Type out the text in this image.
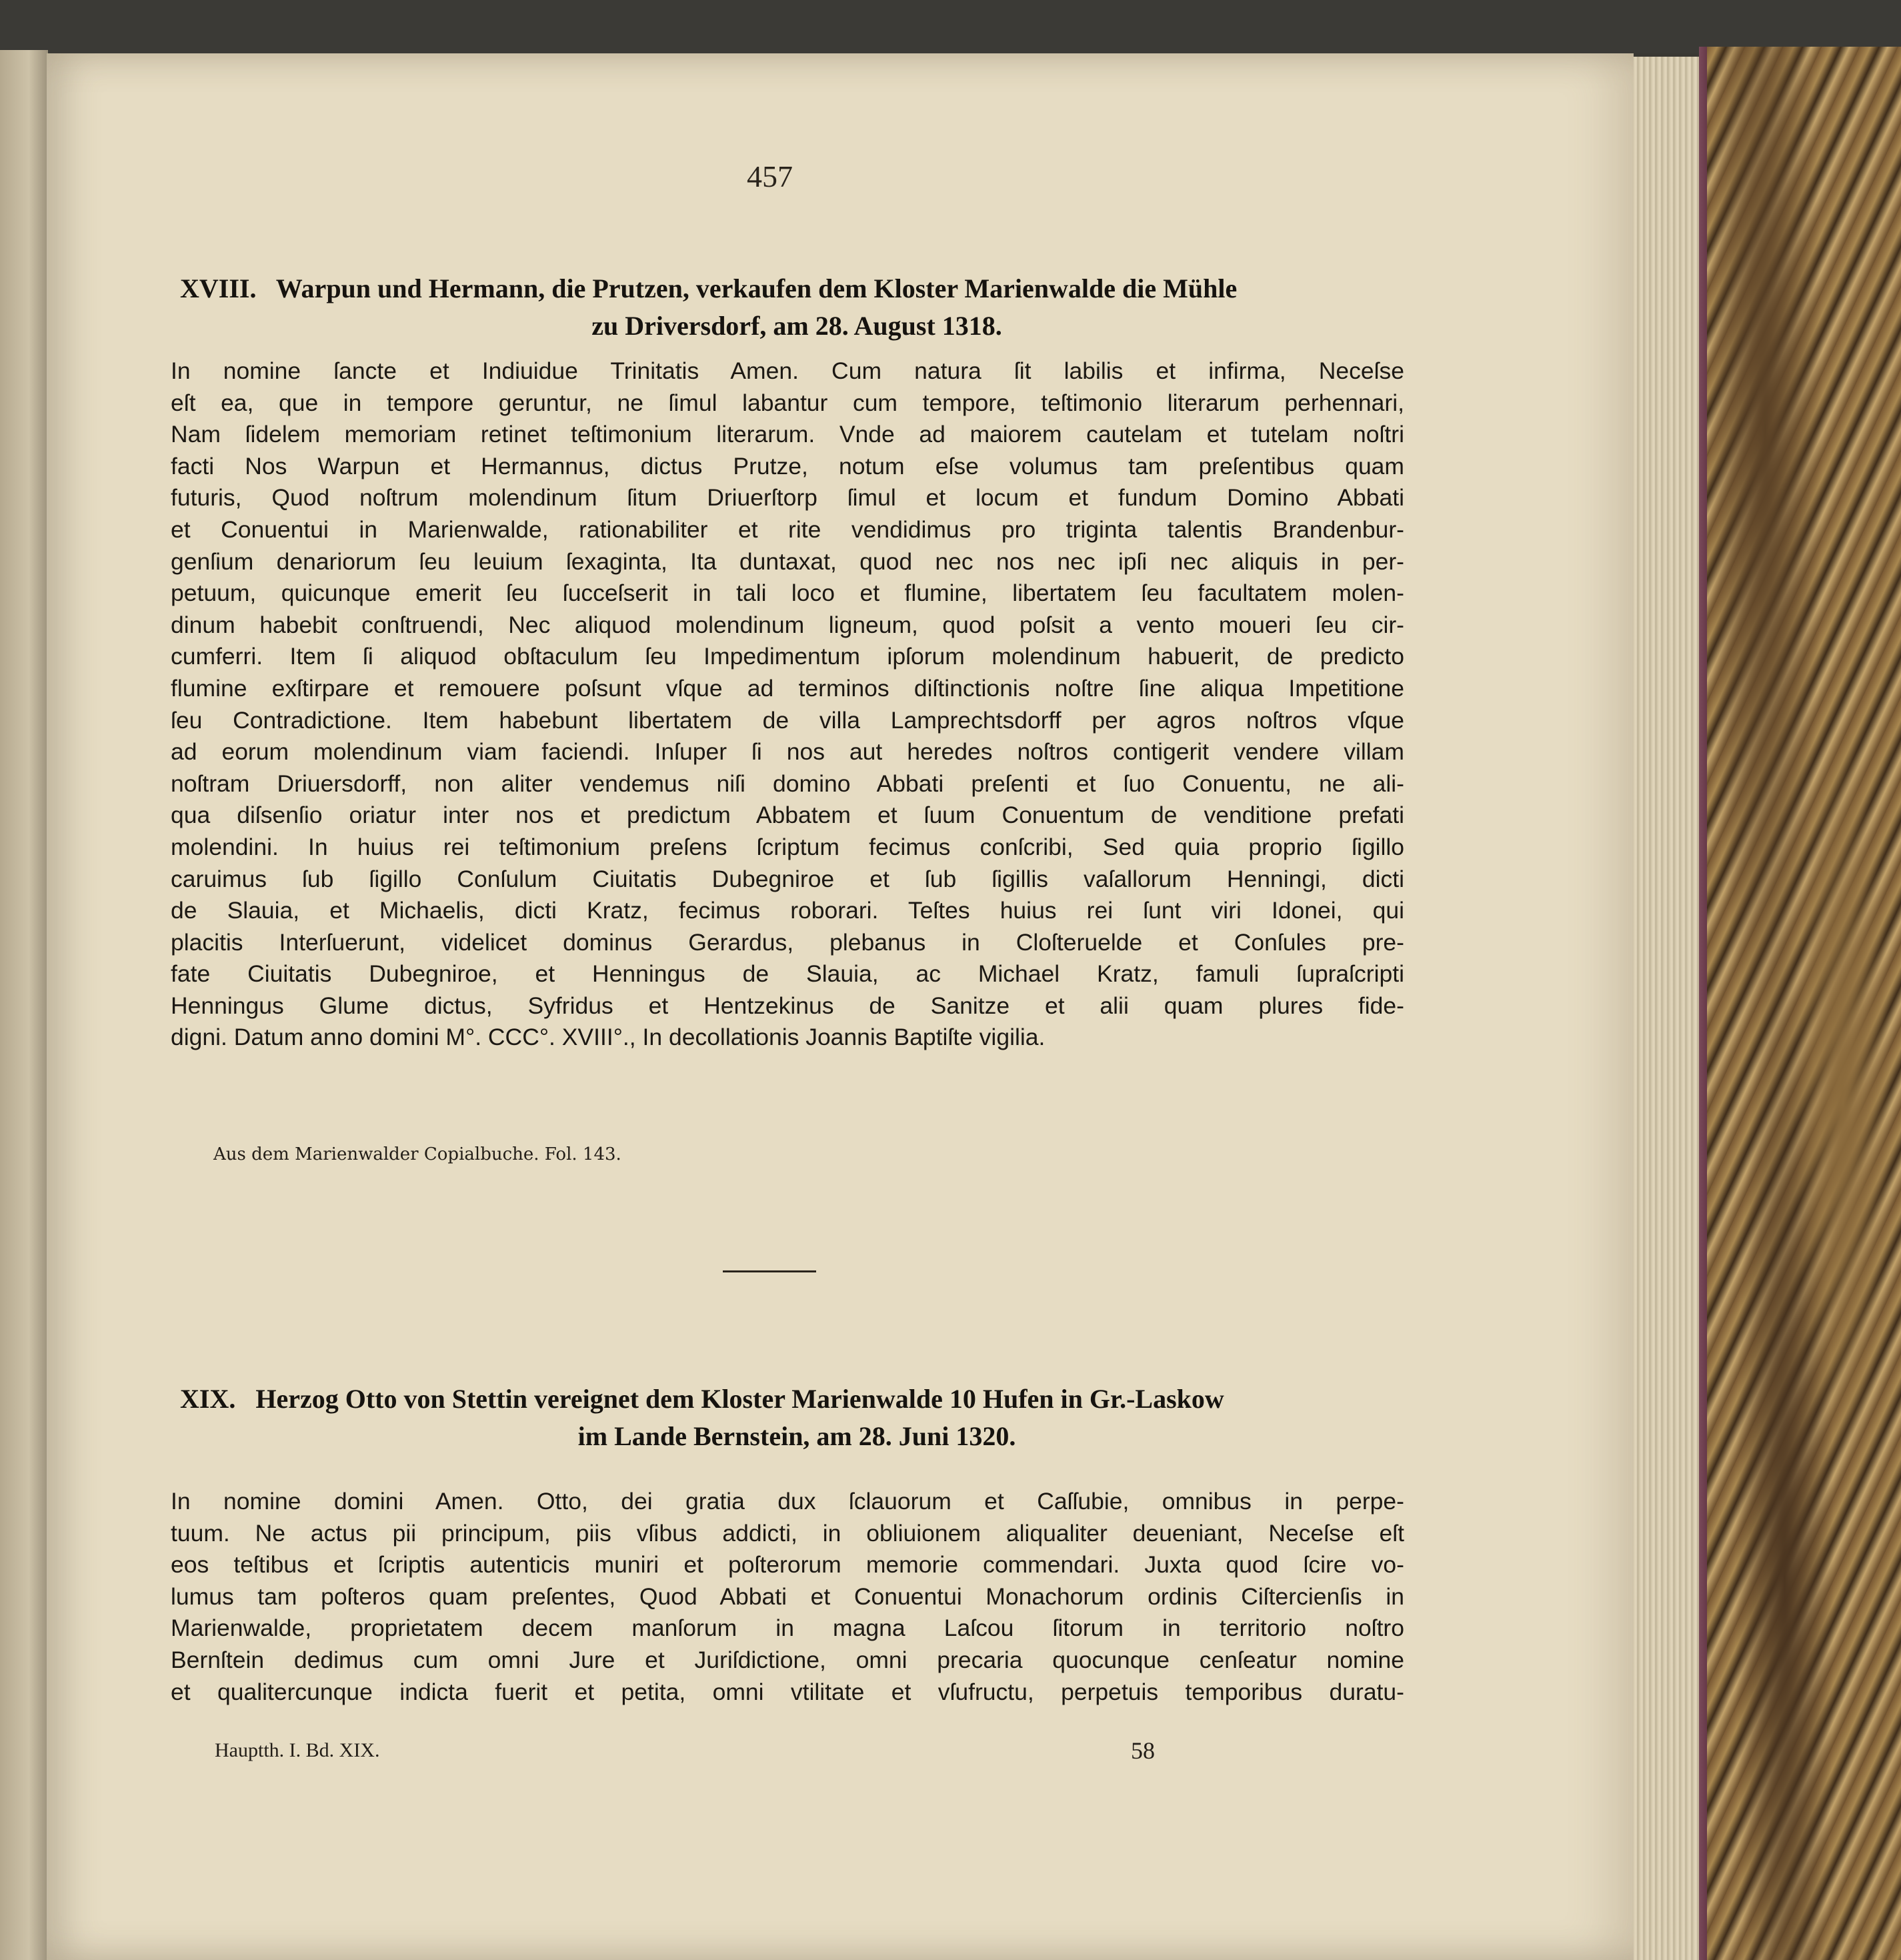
457
XVIII. Warpun und Hermann, die Prutzen, verkaufen dem Kloster Marienwalde die Mühle
zu Driversdorf, am 28. August 1318.
In nomine ſancte et Indiuidue Trinitatis Amen. Cum natura ſit labilis et infirma, Neceſse
eſt ea, que in tempore geruntur, ne ſimul labantur cum tempore, teſtimonio literarum perhennari,
Nam ſidelem memoriam retinet teſtimonium literarum. Vnde ad maiorem cautelam et tutelam noſtri
facti Nos Warpun et Hermannus, dictus Prutze, notum eſse volumus tam preſentibus quam
futuris, Quod noſtrum molendinum ſitum Driuerſtorp ſimul et locum et fundum Domino Abbati
et Conuentui in Marienwalde, rationabiliter et rite vendidimus pro triginta talentis Brandenbur-
genſium denariorum ſeu leuium ſexaginta, Ita duntaxat, quod nec nos nec ipſi nec aliquis in per-
petuum, quicunque emerit ſeu ſucceſserit in tali loco et flumine, libertatem ſeu facultatem molen-
dinum habebit conſtruendi, Nec aliquod molendinum ligneum, quod poſsit a vento moueri ſeu cir-
cumferri. Item ſi aliquod obſtaculum ſeu Impedimentum ipſorum molendinum habuerit, de predicto
flumine exſtirpare et remouere poſsunt vſque ad terminos diſtinctionis noſtre ſine aliqua Impetitione
ſeu Contradictione. Item habebunt libertatem de villa Lamprechtsdorff per agros noſtros vſque
ad eorum molendinum viam faciendi. Inſuper ſi nos aut heredes noſtros contigerit vendere villam
noſtram Driuersdorff, non aliter vendemus niſi domino Abbati preſenti et ſuo Conuentu, ne ali-
qua diſsenſio oriatur inter nos et predictum Abbatem et ſuum Conuentum de venditione prefati
molendini. In huius rei teſtimonium preſens ſcriptum fecimus conſcribi, Sed quia proprio ſigillo
caruimus ſub ſigillo Conſulum Ciuitatis Dubegniroe et ſub ſigillis vaſallorum Henningi, dicti
de Slauia, et Michaelis, dicti Kratz, fecimus roborari. Teſtes huius rei ſunt viri Idonei, qui
placitis Interſuerunt, videlicet dominus Gerardus, plebanus in Cloſteruelde et Conſules pre-
fate Ciuitatis Dubegniroe, et Henningus de Slauia, ac Michael Kratz, famuli ſupraſcripti
Henningus Glume dictus, Syfridus et Hentzekinus de Sanitze et alii quam plures fide-
digni. Datum anno domini M°. CCC°. XVIII°., In decollationis Joannis Baptiſte vigilia.
Aus dem Marienwalder Copialbuche. Fol. 143.
XIX. Herzog Otto von Stettin vereignet dem Kloster Marienwalde 10 Hufen in Gr.-Laskow
im Lande Bernstein, am 28. Juni 1320.
In nomine domini Amen. Otto, dei gratia dux ſclauorum et Caſſubie, omnibus in perpe-
tuum. Ne actus pii principum, piis vſibus addicti, in obliuionem aliqualiter deueniant, Neceſse eſt
eos teſtibus et ſcriptis autenticis muniri et poſterorum memorie commendari. Juxta quod ſcire vo-
lumus tam poſteros quam preſentes, Quod Abbati et Conuentui Monachorum ordinis Ciſtercienſis in
Marienwalde, proprietatem decem manſorum in magna Laſcou ſitorum in territorio noſtro
Bernſtein dedimus cum omni Jure et Juriſdictione, omni precaria quocunque cenſeatur nomine
et qualitercunque indicta fuerit et petita, omni vtilitate et vſufructu, perpetuis temporibus duratu-
Hauptth. I. Bd. XIX.	58
